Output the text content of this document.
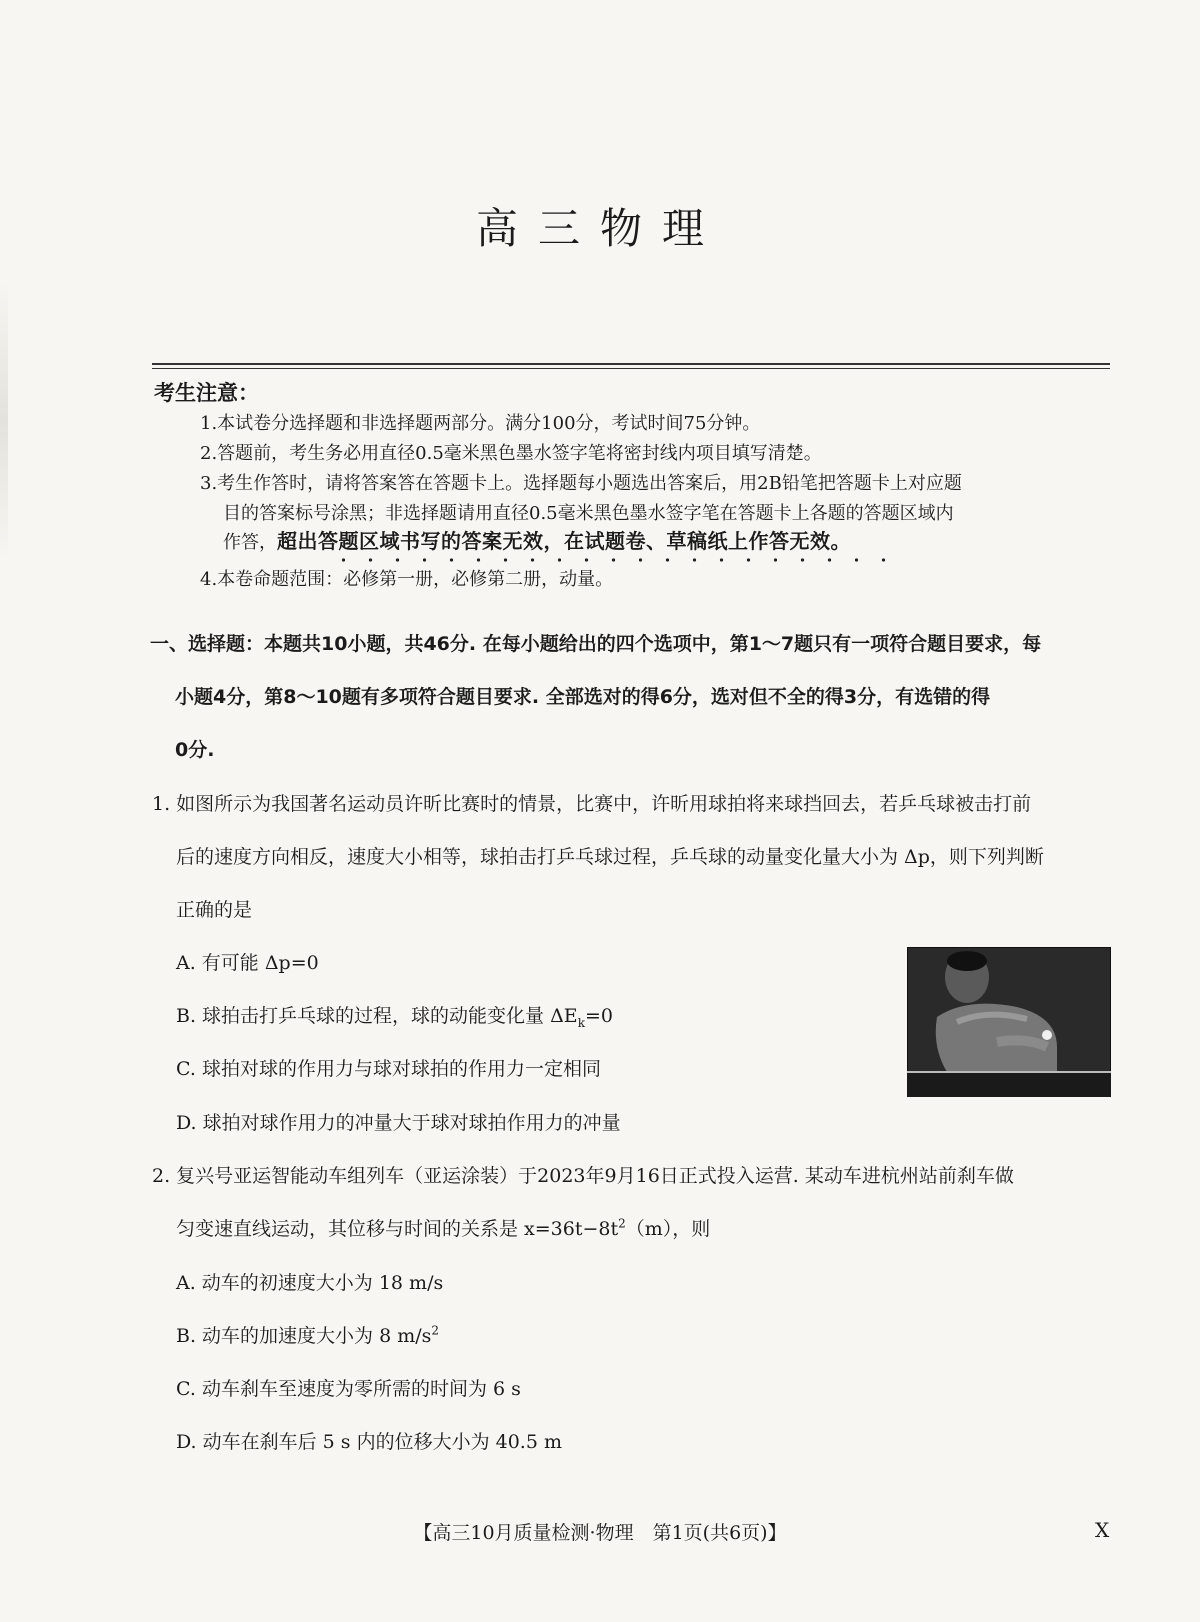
高三物理
考生注意：
1.本试卷分选择题和非选择题两部分。满分100分，考试时间75分钟。
2.答题前，考生务必用直径0.5毫米黑色墨水签字笔将密封线内项目填写清楚。
3.考生作答时，请将答案答在答题卡上。选择题每小题选出答案后，用2B铅笔把答题卡上对应题
目的答案标号涂黑；非选择题请用直径0.5毫米黑色墨水签字笔在答题卡上各题的答题区域内
作答，超出答题区域书写的答案无效，在试题卷、草稿纸上作答无效。
4.本卷命题范围：必修第一册，必修第二册，动量。
一、选择题：本题共10小题，共46分. 在每小题给出的四个选项中，第1～7题只有一项符合题目要求，每
小题4分，第8～10题有多项符合题目要求. 全部选对的得6分，选对但不全的得3分，有选错的得
0分.
1. 如图所示为我国著名运动员许昕比赛时的情景，比赛中，许昕用球拍将来球挡回去，若乒乓球被击打前
后的速度方向相反，速度大小相等，球拍击打乒乓球过程，乒乓球的动量变化量大小为 Δp，则下列判断
正确的是
A. 有可能 Δp=0
B. 球拍击打乒乓球的过程，球的动能变化量 $\Delta E_k=0$
C. 球拍对球的作用力与球对球拍的作用力一定相同
D. 球拍对球作用力的冲量大于球对球拍作用力的冲量
2. 复兴号亚运智能动车组列车（亚运涂装）于2023年9月16日正式投入运营. 某动车进杭州站前刹车做
匀变速直线运动，其位移与时间的关系是 $x=36t-8t^2(m)$，则
A. 动车的初速度大小为 18 m/s
B. 动车的加速度大小为 8 $m/s^2$
C. 动车刹车至速度为零所需的时间为 6 s
D. 动车在刹车后 5 s 内的位移大小为 40.5 m
【高三10月质量检测·物理　第1页(共6页)】	X
